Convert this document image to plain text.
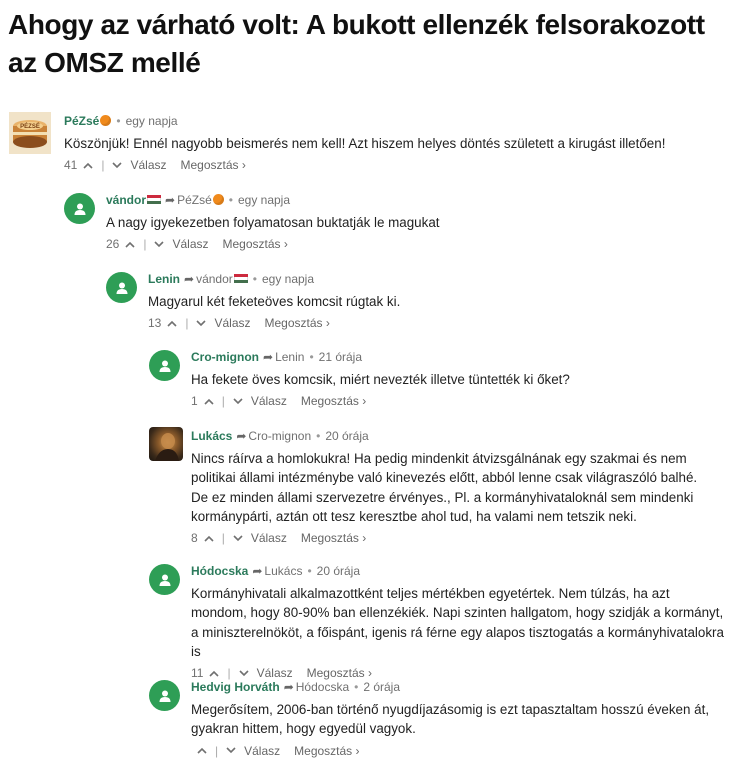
Ahogy az várható volt: A bukott ellenzék felsorakozott az OMSZ mellé
PÉZSÉ PéZsé • egy napja

Köszönjük! Ennél nagyobb beismerés nem kell! Azt hiszem helyes döntés született a kirugást illetően!

41 | Válasz Megosztás ›
vándor ➦ PéZsé • egy napja

A nagy igyekezetben folyamatosan buktatják le magukat

26 | Válasz Megosztás ›
Lenin ➦ vándor • egy napja

Magyarul két feketeöves komcsit rúgtak ki.

13 | Válasz Megosztás ›
Cro-mignon ➦ Lenin • 21 órája

Ha fekete öves komcsik, miért nevezték illetve tüntették ki őket?

1 | Válasz Megosztás ›
Lukács ➦ Cro-mignon • 20 órája

Nincs ráírva a homlokukra! Ha pedig mindenkit átvizsgálnának egy szakmai és nem politikai állami intézménybe való kinevezés előtt, abból lenne csak világraszóló balhé.

De ez minden állami szervezetre érvényes., Pl. a kormányhivataloknál sem mindenki kormánypárti, aztán ott tesz keresztbe ahol tud, ha valami nem tetszik neki.

8 | Válasz Megosztás ›
Hódocska ➦ Lukács • 20 órája

Kormányhivatali alkalmazottként teljes mértékben egyetértek. Nem túlzás, ha azt mondom, hogy 80-90% ban ellenzékiék. Napi szinten hallgatom, hogy szidják a kormányt, a miniszterelnököt, a főispánt, igenis rá férne egy alapos tisztogatás a kormányhivatalokra is

11 | Válasz Megosztás ›
Hedvig Horváth ➦ Hódocska • 2 órája

Megerősítem, 2006-ban történő nyugdíjazásomig is ezt tapasztaltam hosszú éveken át, gyakran hittem, hogy egyedül vagyok.

| Válasz Megosztás ›
